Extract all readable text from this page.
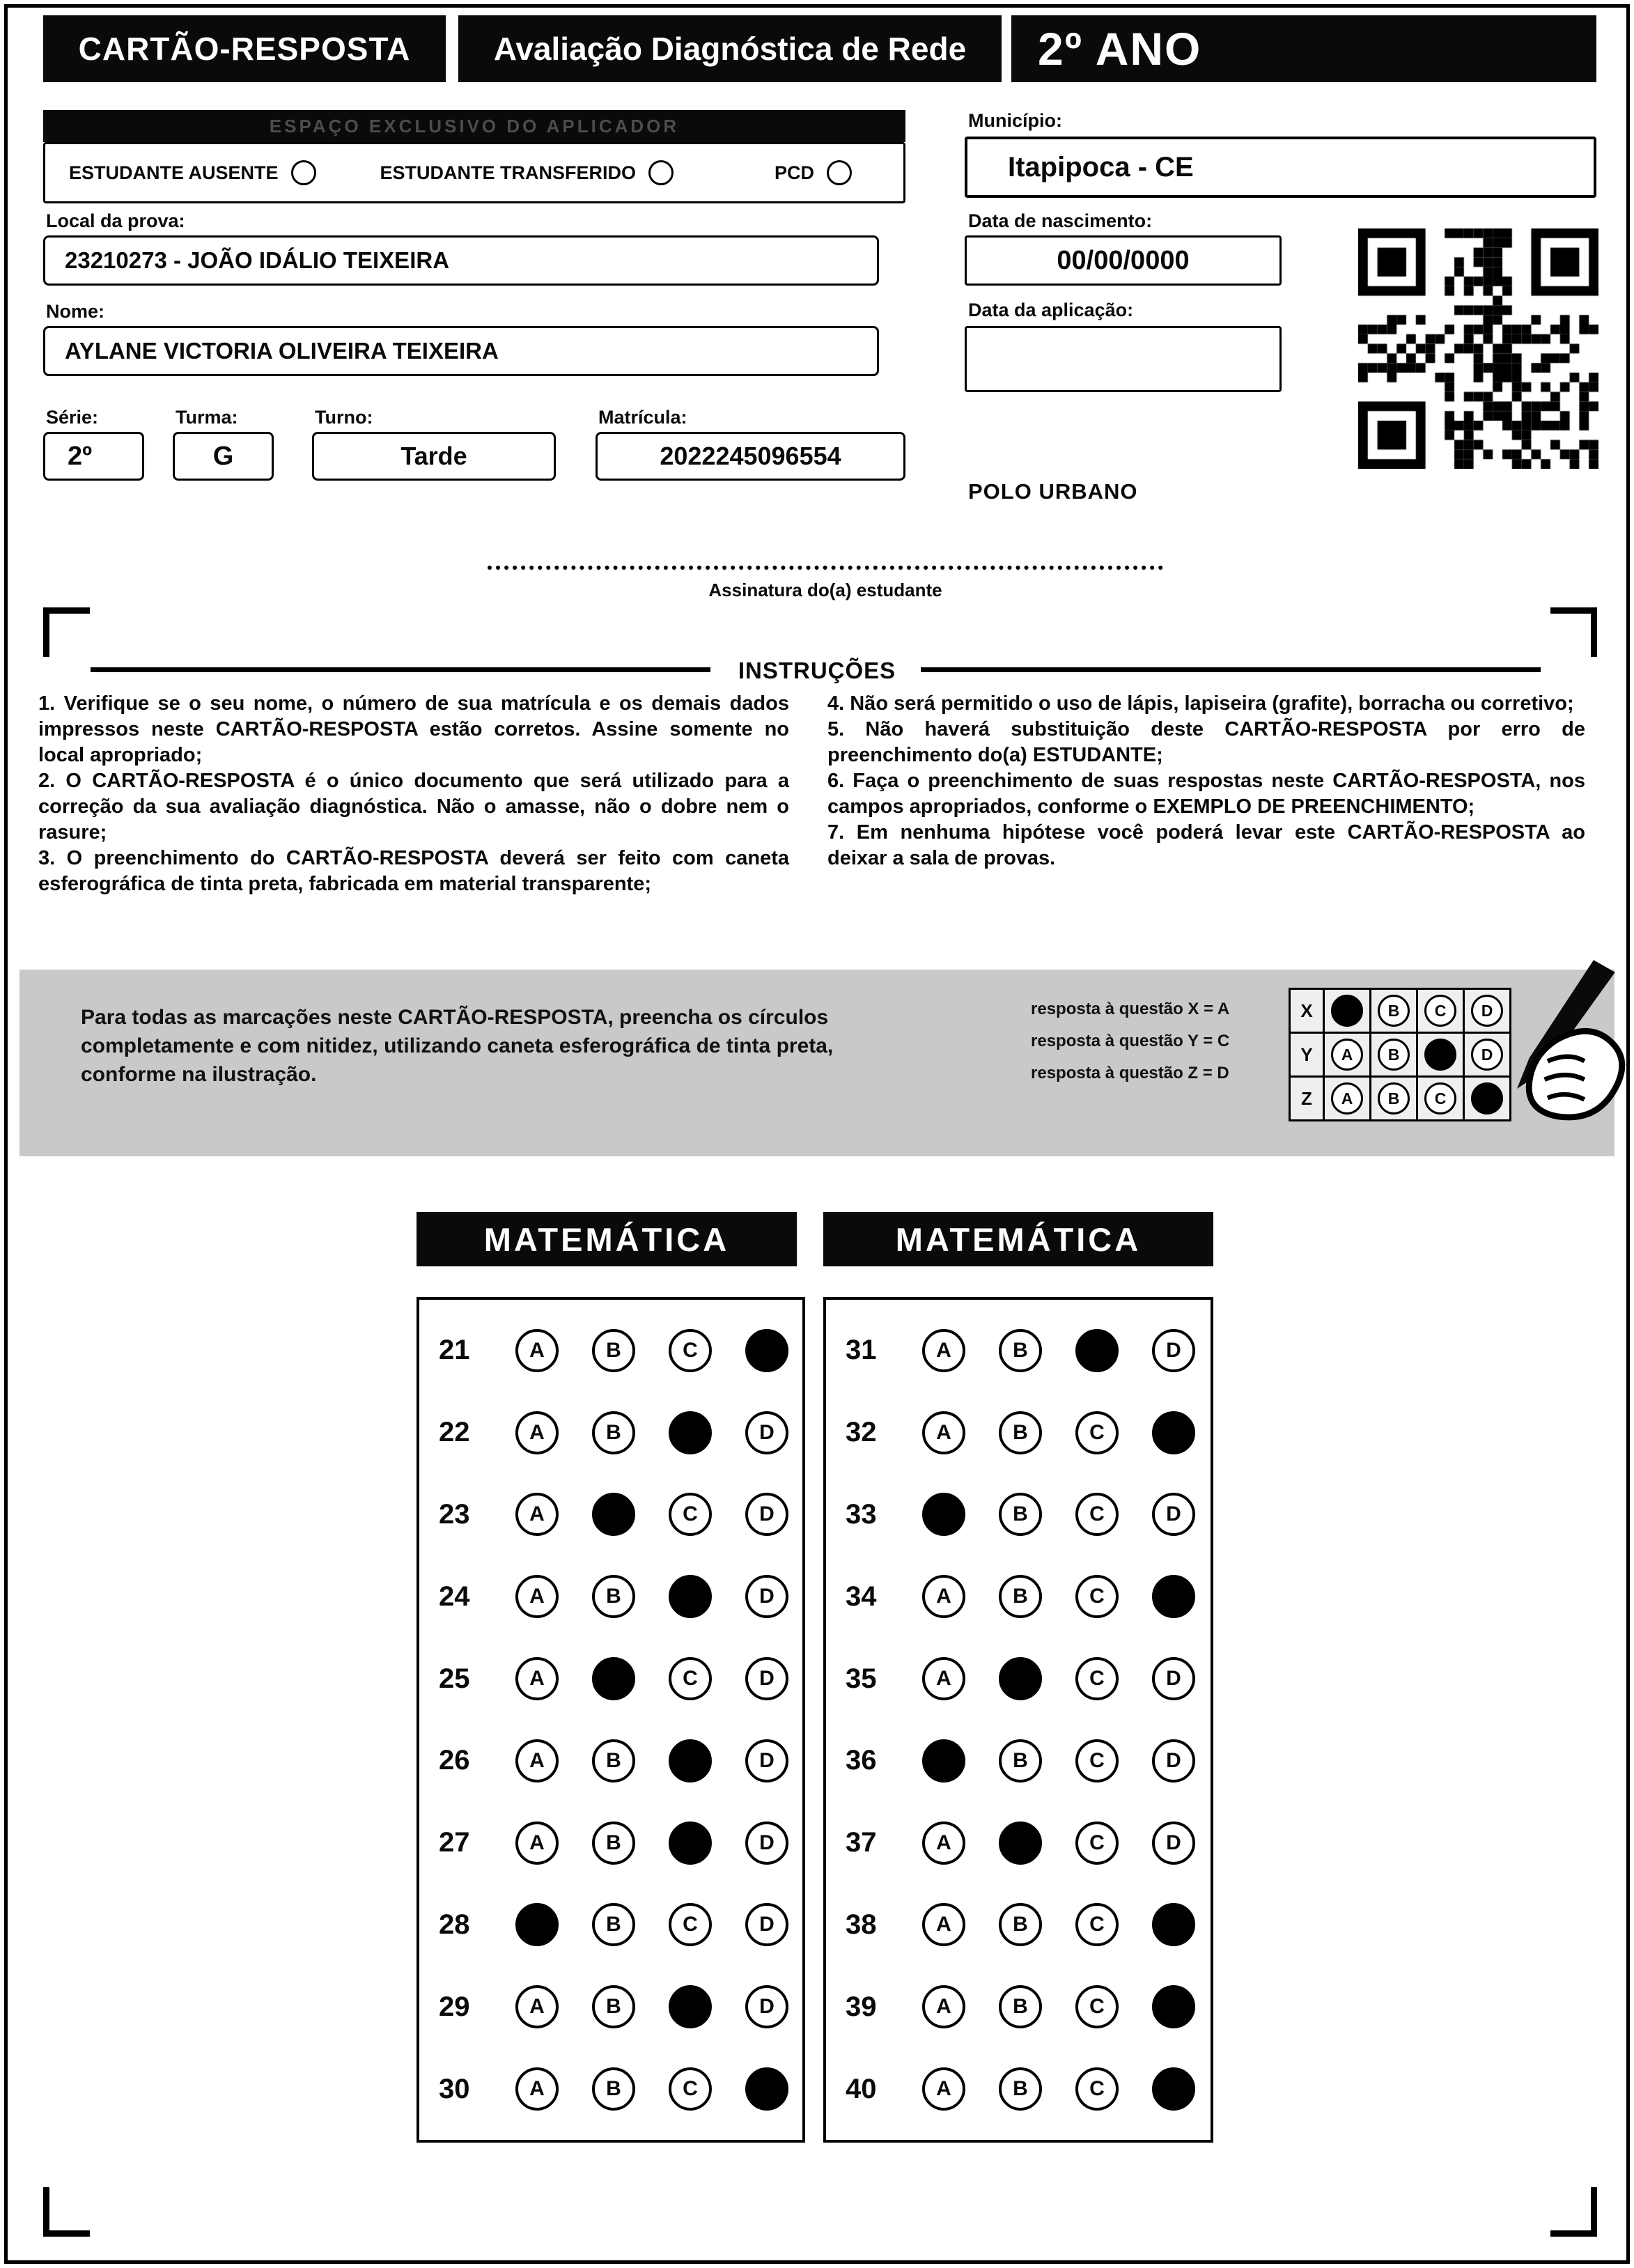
CARTÃO-RESPOSTA	Avaliação Diagnóstica de Rede 2º ANO
ESPAÇO EXCLUSIVO DO APLICADOR
ESTUDANTE AUSENTE	ESTUDANTE TRANSFERIDO	PCD
Local da prova:
23210273 - JOÃO IDÁLIO TEIXEIRA
Nome:
AYLANE VICTORIA OLIVEIRA TEIXEIRA
Série:
2º
Turma:
G
Turno:
Tarde
Matrícula:
2022245096554
Município:
Itapipoca - CE
Data de nascimento:
00/00/0000
Data da aplicação:
POLO URBANO
Assinatura do(a) estudante
INSTRUÇÕES

1. Verifique se o seu nome, o número de sua matrícula e os demais dados impressos neste CARTÃO-RESPOSTA estão corretos. Assine somente no local apropriado;

2. O CARTÃO-RESPOSTA é o único documento que será utilizado para a correção da sua avaliação diagnóstica. Não o amasse, não o dobre nem o rasure;

3. O preenchimento do CARTÃO-RESPOSTA deverá ser feito com caneta esferográfica de tinta preta, fabricada em material transparente;

4. Não será permitido o uso de lápis, lapiseira (grafite), borracha ou corretivo;

5. Não haverá substituição deste CARTÃO-RESPOSTA por erro de preenchimento do(a) ESTUDANTE;

6. Faça o preenchimento de suas respostas neste CARTÃO-RESPOSTA, nos campos apropriados, conforme o EXEMPLO DE PREENCHIMENTO;

7. Em nenhuma hipótese você poderá levar este CARTÃO-RESPOSTA ao deixar a sala de provas.

Para todas as marcações neste CARTÃO-RESPOSTA, preencha os círculos completamente e com nitidez, utilizando caneta esferográfica de tinta preta, conforme na ilustração.
resposta à questão X = A
resposta à questão Y = C
resposta à questão Z = D
X	A	B	C	D
Y	A	B	C	D
Z	A	B	C	D
MATEMÁTICA	MATEMÁTICA
21	A	B	C	D
22	A	B	C	D
23	A	B	C	D
24	A	B	C	D
25	A	B	C	D
26	A	B	C	D
27	A	B	C	D
28	A	B	C	D
29	A	B	C	D
30	A	B	C	D
31	A	B	C	D
32	A	B	C	D
33	A	B	C	D
34	A	B	C	D
35	A	B	C	D
36	A	B	C	D
37	A	B	C	D
38	A	B	C	D
39	A	B	C	D
40	A	B	C	D
